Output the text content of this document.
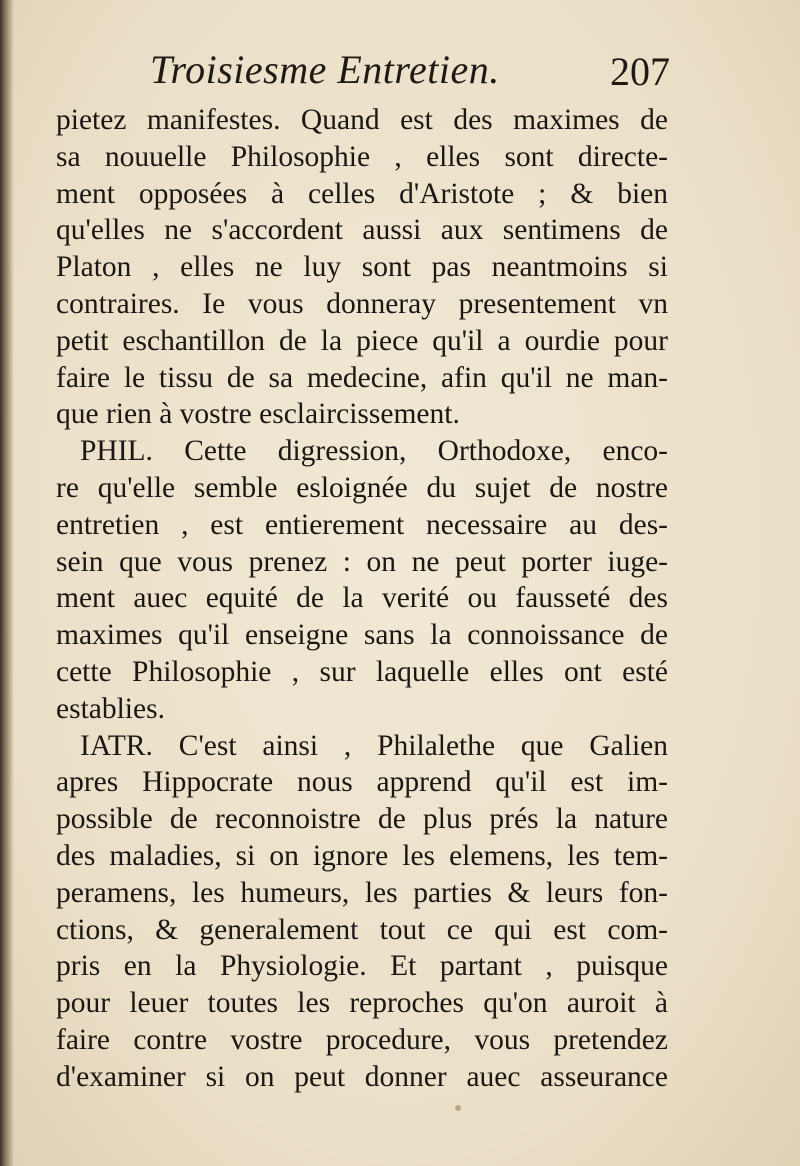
Troisiesme Entretien.	207
pietez manifestes. Quand est des maximes de
sa nouuelle Philosophie , elles sont directe-
ment opposées à celles d'Aristote ; & bien
qu'elles ne s'accordent aussi aux sentimens de
Platon , elles ne luy sont pas neantmoins si
contraires. Ie vous donneray presentement vn
petit eschantillon de la piece qu'il a ourdie pour
faire le tissu de sa medecine, afin qu'il ne man-
que rien à vostre esclaircissement.
PHIL. Cette digression, Orthodoxe, enco-
re qu'elle semble esloignée du sujet de nostre
entretien , est entierement necessaire au des-
sein que vous prenez : on ne peut porter iuge-
ment auec equité de la verité ou fausseté des
maximes qu'il enseigne sans la connoissance de
cette Philosophie , sur laquelle elles ont esté
establies.
IATR. C'est ainsi , Philalethe que Galien
apres Hippocrate nous apprend qu'il est im-
possible de reconnoistre de plus prés la nature
des maladies, si on ignore les elemens, les tem-
peramens, les humeurs, les parties & leurs fon-
ctions, & generalement tout ce qui est com-
pris en la Physiologie. Et partant , puisque
pour leuer toutes les reproches qu'on auroit à
faire contre vostre procedure, vous pretendez
d'examiner si on peut donner auec asseurance
